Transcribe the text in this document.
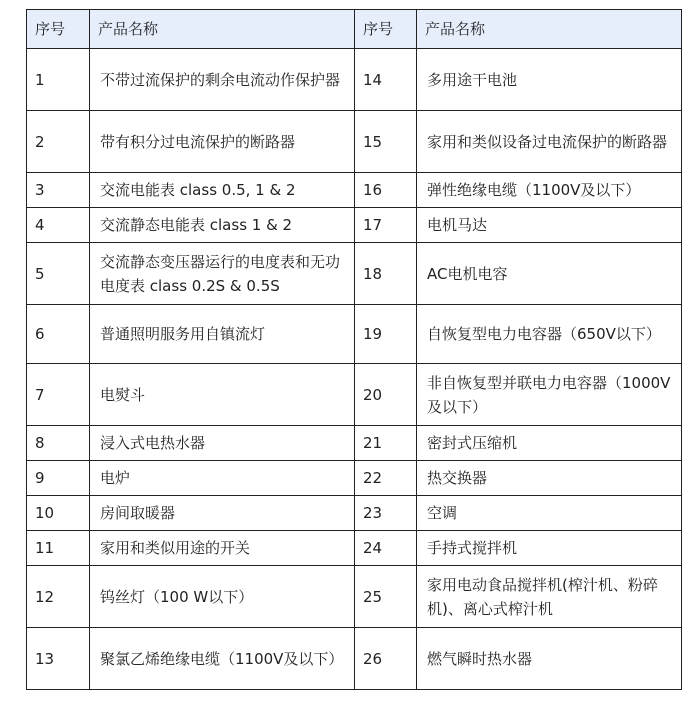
序号	产品名称	序号	产品名称
1	不带过流保护的剩余电流动作保护器	14	多用途干电池
2	带有积分过电流保护的断路器	15	家用和类似设备过电流保护的断路器
3	交流电能表 class 0.5, 1 & 2	16	弹性绝缘电缆（1100V及以下）
4	交流静态电能表 class 1 & 2	17	电机马达
5	交流静态变压器运行的电度表和无功电度表 class 0.2S & 0.5S	18	AC电机电容
6	普通照明服务用自镇流灯	19	自恢复型电力电容器（650V以下）
7	电熨斗	20	非自恢复型并联电力电容器（1000V及以下）
8	浸入式电热水器	21	密封式压缩机
9	电炉	22	热交换器
10	房间取暖器	23	空调
11	家用和类似用途的开关	24	手持式搅拌机
12	钨丝灯（100 W以下）	25	家用电动食品搅拌机(榨汁机、粉碎机)、离心式榨汁机
13	聚氯乙烯绝缘电缆（1100V及以下）	26	燃气瞬时热水器
